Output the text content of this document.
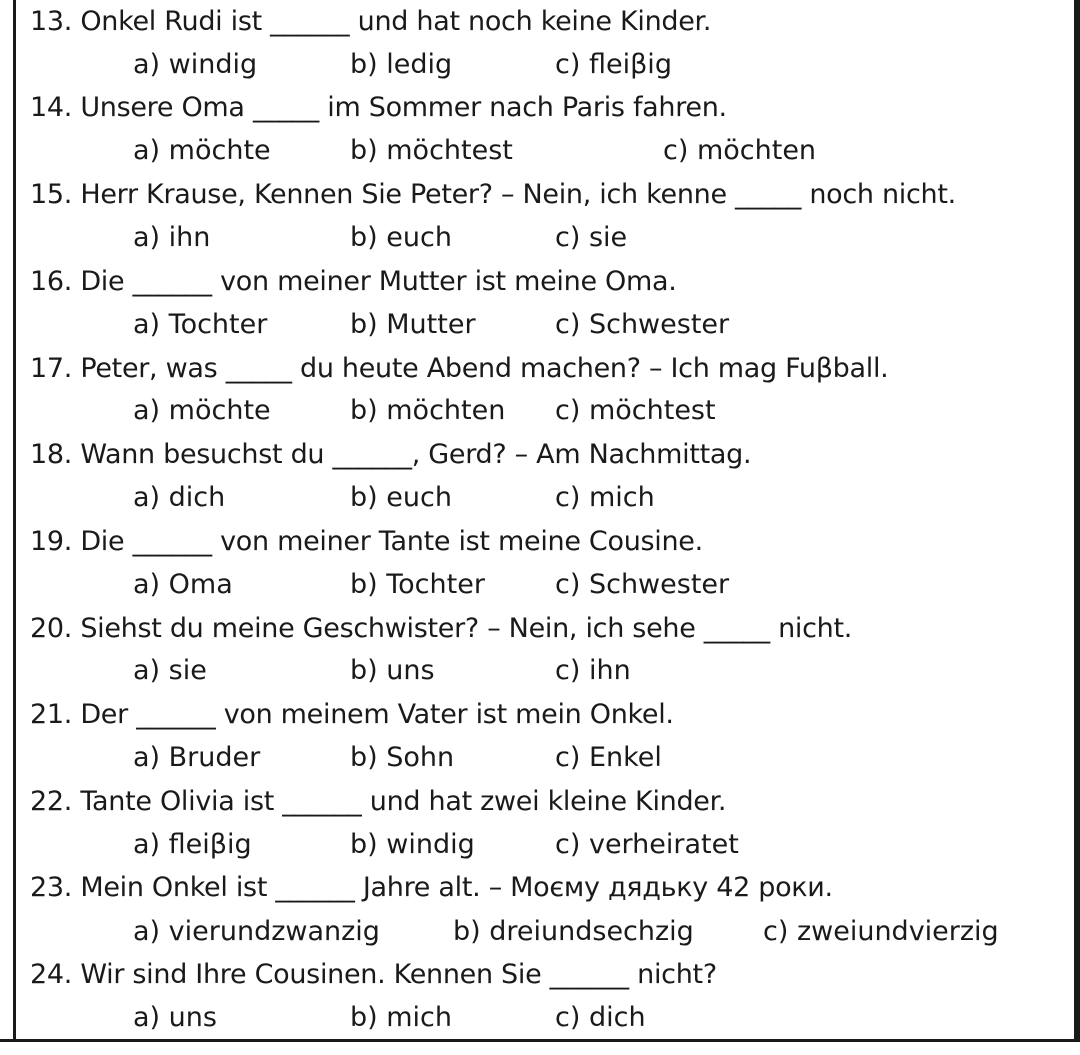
13. Onkel Rudi ist ______ und hat noch keine Kinder.
a) windig	b) ledig	c) fleiβig
14. Unsere Oma _____ im Sommer nach Paris fahren.
a) möchte	b) möchtest	c) möchten
15. Herr Krause, Kennen Sie Peter? – Nein, ich kenne _____ noch nicht.
a) ihn	b) euch	c) sie
16. Die ______ von meiner Mutter ist meine Oma.
a) Tochter	b) Mutter	c) Schwester
17. Peter, was _____ du heute Abend machen? – Ich mag Fuβball.
a) möchte	b) möchten c) möchtest
18. Wann besuchst du ______, Gerd? – Am Nachmittag.
a) dich	b) euch	c) mich
19. Die ______ von meiner Tante ist meine Cousine.
a) Oma	b) Tochter	c) Schwester
20. Siehst du meine Geschwister? – Nein, ich sehe _____ nicht.
a) sie	b) uns	c) ihn
21. Der ______ von meinem Vater ist mein Onkel.
a) Bruder	b) Sohn	c) Enkel
22. Tante Olivia ist ______ und hat zwei kleine Kinder.
a) fleiβig	b) windig	c) verheiratet
23. Mein Onkel ist ______ Jahre alt. – Моєму дядьку 42 роки.
a) vierundzwanzig	b) dreiundsechzig	c) zweiundvierzig
24. Wir sind Ihre Cousinen. Kennen Sie ______ nicht?
a) uns	b) mich	c) dich
